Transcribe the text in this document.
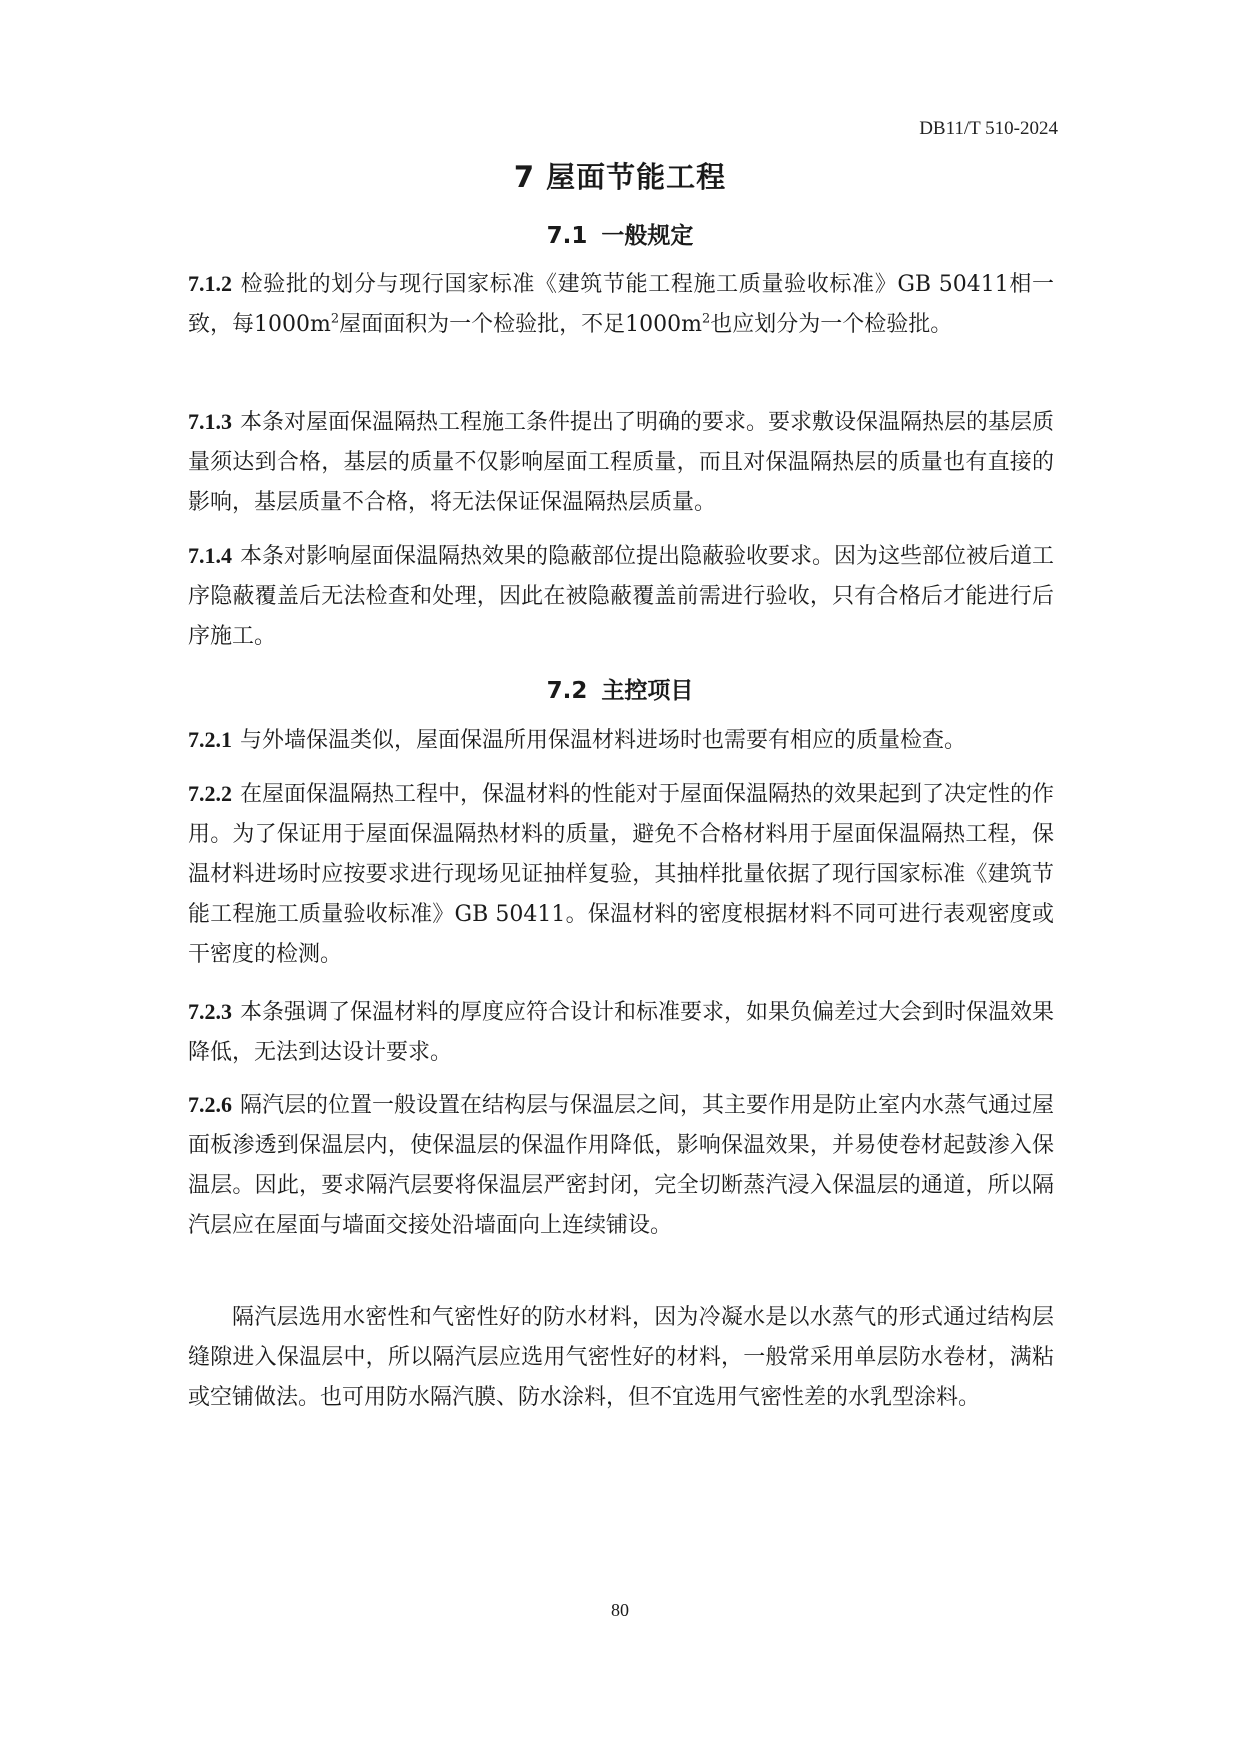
DB11/T 510-2024
7 屋面节能工程
7.1 一般规定

7.1.2 检验批的划分与现行国家标准《建筑节能工程施工质量验收标准》GB 50411相一致，每$1000m^2$屋面面积为一个检验批，不足$1000m^2$也应划分为一个检验批。

7.1.3 本条对屋面保温隔热工程施工条件提出了明确的要求。要求敷设保温隔热层的基层质量须达到合格，基层的质量不仅影响屋面工程质量，而且对保温隔热层的质量也有直接的影响，基层质量不合格，将无法保证保温隔热层质量。

7.1.4 本条对影响屋面保温隔热效果的隐蔽部位提出隐蔽验收要求。因为这些部位被后道工序隐蔽覆盖后无法检查和处理，因此在被隐蔽覆盖前需进行验收，只有合格后才能进行后序施工。

7.2 主控项目

7.2.1 与外墙保温类似，屋面保温所用保温材料进场时也需要有相应的质量检查。

7.2.2 在屋面保温隔热工程中，保温材料的性能对于屋面保温隔热的效果起到了决定性的作用。为了保证用于屋面保温隔热材料的质量，避免不合格材料用于屋面保温隔热工程，保温材料进场时应按要求进行现场见证抽样复验，其抽样批量依据了现行国家标准《建筑节能工程施工质量验收标准》GB 50411。保温材料的密度根据材料不同可进行表观密度或干密度的检测。

7.2.3 本条强调了保温材料的厚度应符合设计和标准要求，如果负偏差过大会到时保温效果降低，无法到达设计要求。

7.2.6 隔汽层的位置一般设置在结构层与保温层之间，其主要作用是防止室内水蒸气通过屋面板渗透到保温层内，使保温层的保温作用降低，影响保温效果，并易使卷材起鼓渗入保温层。因此，要求隔汽层要将保温层严密封闭，完全切断蒸汽浸入保温层的通道，所以隔汽层应在屋面与墙面交接处沿墙面向上连续铺设。

隔汽层选用水密性和气密性好的防水材料，因为冷凝水是以水蒸气的形式通过结构层缝隙进入保温层中，所以隔汽层应选用气密性好的材料，一般常采用单层防水卷材，满粘或空铺做法。也可用防水隔汽膜、防水涂料，但不宜选用气密性差的水乳型涂料。

80
